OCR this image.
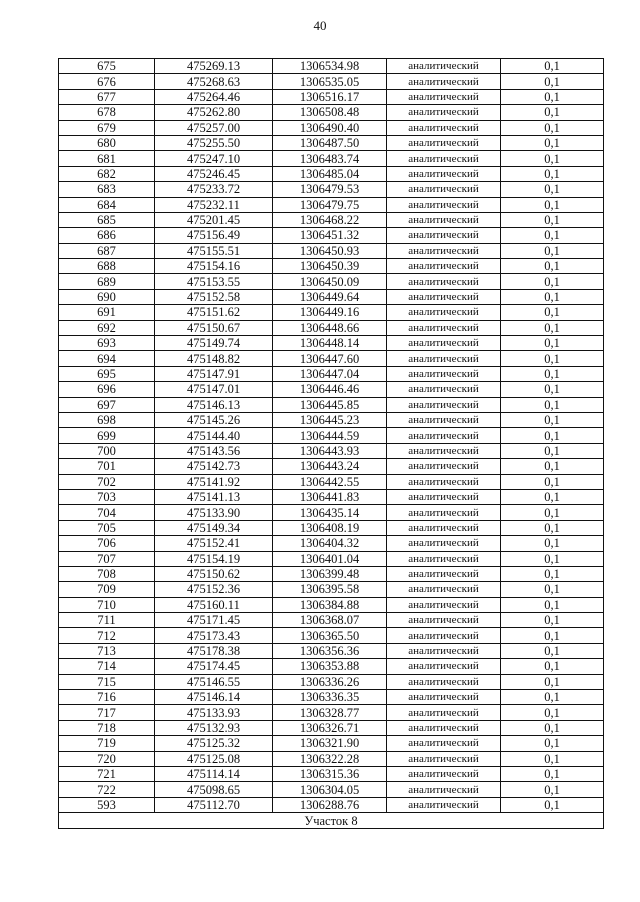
40
675	475269.13	1306534.98	аналитический	0,1
676	475268.63	1306535.05	аналитический	0,1
677	475264.46	1306516.17	аналитический	0,1
678	475262.80	1306508.48	аналитический	0,1
679	475257.00	1306490.40	аналитический	0,1
680	475255.50	1306487.50	аналитический	0,1
681	475247.10	1306483.74	аналитический	0,1
682	475246.45	1306485.04	аналитический	0,1
683	475233.72	1306479.53	аналитический	0,1
684	475232.11	1306479.75	аналитический	0,1
685	475201.45	1306468.22	аналитический	0,1
686	475156.49	1306451.32	аналитический	0,1
687	475155.51	1306450.93	аналитический	0,1
688	475154.16	1306450.39	аналитический	0,1
689	475153.55	1306450.09	аналитический	0,1
690	475152.58	1306449.64	аналитический	0,1
691	475151.62	1306449.16	аналитический	0,1
692	475150.67	1306448.66	аналитический	0,1
693	475149.74	1306448.14	аналитический	0,1
694	475148.82	1306447.60	аналитический	0,1
695	475147.91	1306447.04	аналитический	0,1
696	475147.01	1306446.46	аналитический	0,1
697	475146.13	1306445.85	аналитический	0,1
698	475145.26	1306445.23	аналитический	0,1
699	475144.40	1306444.59	аналитический	0,1
700	475143.56	1306443.93	аналитический	0,1
701	475142.73	1306443.24	аналитический	0,1
702	475141.92	1306442.55	аналитический	0,1
703	475141.13	1306441.83	аналитический	0,1
704	475133.90	1306435.14	аналитический	0,1
705	475149.34	1306408.19	аналитический	0,1
706	475152.41	1306404.32	аналитический	0,1
707	475154.19	1306401.04	аналитический	0,1
708	475150.62	1306399.48	аналитический	0,1
709	475152.36	1306395.58	аналитический	0,1
710	475160.11	1306384.88	аналитический	0,1
711	475171.45	1306368.07	аналитический	0,1
712	475173.43	1306365.50	аналитический	0,1
713	475178.38	1306356.36	аналитический	0,1
714	475174.45	1306353.88	аналитический	0,1
715	475146.55	1306336.26	аналитический	0,1
716	475146.14	1306336.35	аналитический	0,1
717	475133.93	1306328.77	аналитический	0,1
718	475132.93	1306326.71	аналитический	0,1
719	475125.32	1306321.90	аналитический	0,1
720	475125.08	1306322.28	аналитический	0,1
721	475114.14	1306315.36	аналитический	0,1
722	475098.65	1306304.05	аналитический	0,1
593	475112.70	1306288.76	аналитический	0,1
Участок 8				
